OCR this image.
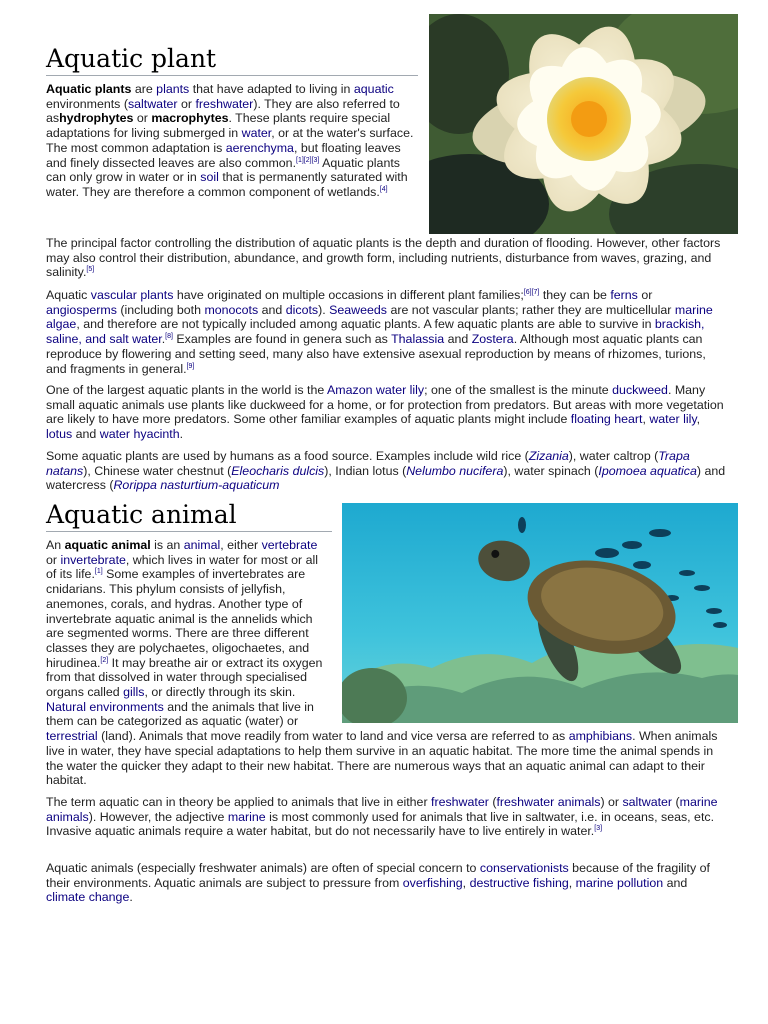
Aquatic plant

Aquatic plants are plants that have adapted to living in aquatic environments (saltwater or freshwater). They are also referred to ashydrophytes or macrophytes. These plants require special adaptations for living submerged in water, or at the water's surface. The most common adaptation is aerenchyma, but floating leaves and finely dissected leaves are also common.[1][2][3] Aquatic plants can only grow in water or in soil that is permanently saturated with water. They are therefore a common component of wetlands.[4]

The principal factor controlling the distribution of aquatic plants is the depth and duration of flooding. However, other factors may also control their distribution, abundance, and growth form, including nutrients, disturbance from waves, grazing, and salinity.[5]

Aquatic vascular plants have originated on multiple occasions in different plant families;[6][7] they can be ferns or angiosperms (including both monocots and dicots). Seaweeds are not vascular plants; rather they are multicellular marine algae, and therefore are not typically included among aquatic plants. A few aquatic plants are able to survive in brackish, saline, and salt water.[8] Examples are found in genera such as Thalassia and Zostera. Although most aquatic plants can reproduce by flowering and setting seed, many also have extensive asexual reproduction by means of rhizomes, turions, and fragments in general.[9]

One of the largest aquatic plants in the world is the Amazon water lily; one of the smallest is the minute duckweed. Many small aquatic animals use plants like duckweed for a home, or for protection from predators. But areas with more vegetation are likely to have more predators. Some other familiar examples of aquatic plants might include floating heart, water lily, lotus and water hyacinth.

Some aquatic plants are used by humans as a food source. Examples include wild rice (Zizania), water caltrop (Trapa natans), Chinese water chestnut (Eleocharis dulcis), Indian lotus (Nelumbo nucifera), water spinach (Ipomoea aquatica) and watercress (Rorippa nasturtium-aquaticum

Aquatic animal

An aquatic animal is an animal, either vertebrate or invertebrate, which lives in water for most or all of its life.[1] Some examples of invertebrates are cnidarians. This phylum consists of jellyfish, anemones, corals, and hydras. Another type of invertebrate aquatic animal is the annelids which are segmented worms. There are three different classes they are polychaetes, oligochaetes, and hirudinea.[2] It may breathe air or extract its oxygen from that dissolved in water through specialised organs called gills, or directly through its skin. Natural environments and the animals that live in them can be categorized as aquatic (water) or terrestrial (land). Animals that move readily from water to land and vice versa are referred to as amphibians. When animals live in water, they have special adaptations to help them survive in an aquatic habitat. The more time the animal spends in the water the quicker they adapt to their new habitat. There are numerous ways that an aquatic animal can adapt to their habitat.

The term aquatic can in theory be applied to animals that live in either freshwater (freshwater animals) or saltwater (marine animals). However, the adjective marine is most commonly used for animals that live in saltwater, i.e. in oceans, seas, etc. Invasive aquatic animals require a water habitat, but do not necessarily have to live entirely in water.[3]

Aquatic animals (especially freshwater animals) are often of special concern to conservationists because of the fragility of their environments. Aquatic animals are subject to pressure from overfishing, destructive fishing, marine pollution and climate change.
